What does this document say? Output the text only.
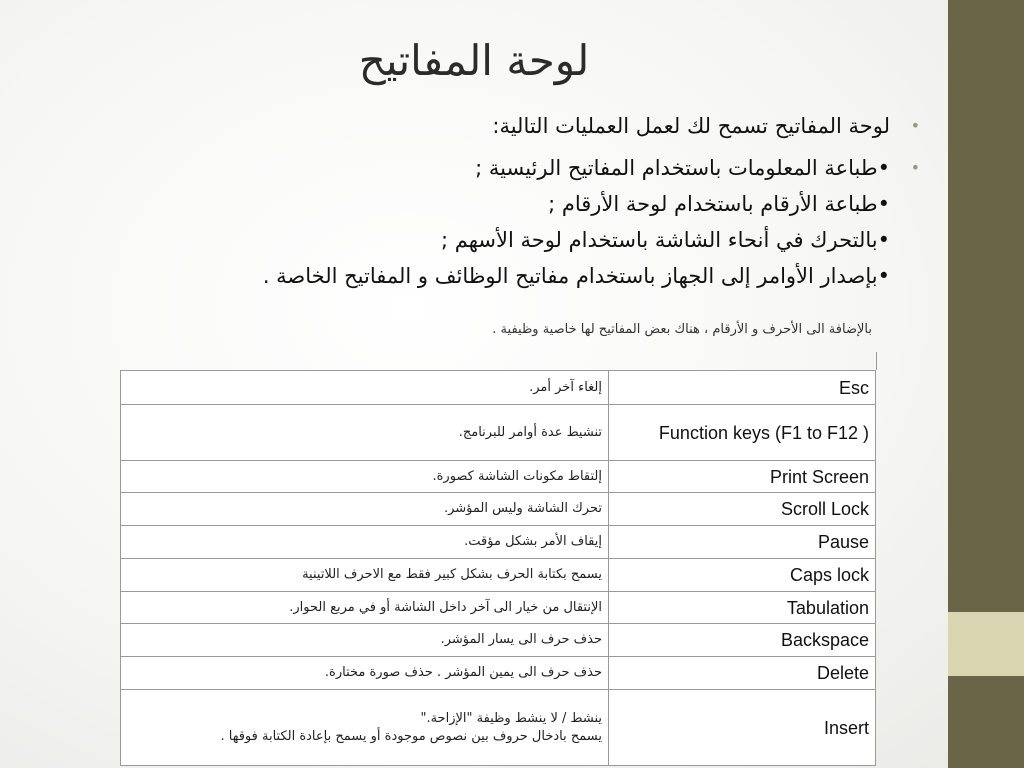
لوحة المفاتيح
•
لوحة المفاتيح تسمح لك لعمل العمليات التالية:
•
•طباعة المعلومات باستخدام المفاتيح الرئيسية ;
•طباعة الأرقام باستخدام لوحة الأرقام ;
•بالتحرك في أنحاء الشاشة باستخدام لوحة الأسهم ;
•بإصدار الأوامر إلى الجهاز باستخدام مفاتيح الوظائف و المفاتيح الخاصة .
بالإضافة الى الأحرف و الأرقام ، هناك بعض المفاتيح لها خاصية وظيفية .
إلغاء آخر أمر.	Esc
تنشيط عدة أوامر للبرنامج.	Function keys (F1 to F12 )
إلتقاط مكونات الشاشة كصورة.	Print Screen
تحرك الشاشة وليس المؤشر.	Scroll Lock
إيقاف الأمر بشكل مؤقت.	Pause
يسمح بكتابة الحرف بشكل كبير فقط مع الاحرف اللاتينية	Caps lock
الإنتقال من خيار الى آخر داخل الشاشة أو في مربع الحوار.	Tabulation
حذف حرف الى يسار المؤشر.	Backspace
حذف حرف الى يمين المؤشر . حذف صورة مختارة.	Delete

ينشط / لا ينشط وظيفة "الإزاحة."
يسمح بادخال حروف بين نصوص موجودة أو يسمح بإعادة الكتابة فوقها .	Insert
